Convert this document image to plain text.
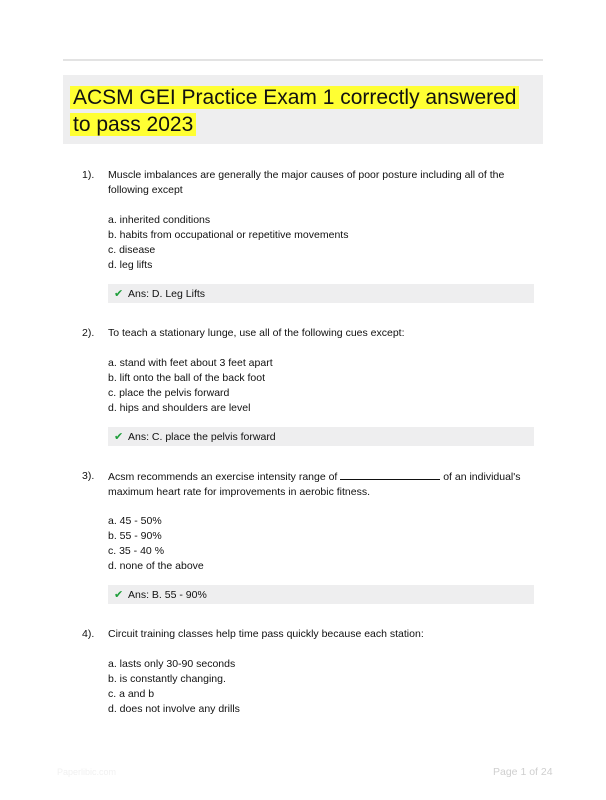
ACSM GEI Practice Exam 1 correctly answered to pass 2023
1).	Muscle imbalances are generally the major causes of poor posture including all of the following except
a. inherited conditions
b. habits from occupational or repetitive movements
c. disease
d. leg lifts
✔ Ans: D. Leg Lifts
2).	To teach a stationary lunge, use all of the following cues except:
a. stand with feet about 3 feet apart
b. lift onto the ball of the back foot
c. place the pelvis forward
d. hips and shoulders are level
✔ Ans: C. place the pelvis forward
3).	Acsm recommends an exercise intensity range of	of an individual's maximum heart rate for improvements in aerobic fitness.
a. 45 - 50%
b. 55 - 90%
c. 35 - 40 %
d. none of the above
✔ Ans: B. 55 - 90%
4).	Circuit training classes help time pass quickly because each station:
a. lasts only 30-90 seconds
b. is constantly changing.
c. a and b
d. does not involve any drills
Paperlibic.com	Page 1 of 24
